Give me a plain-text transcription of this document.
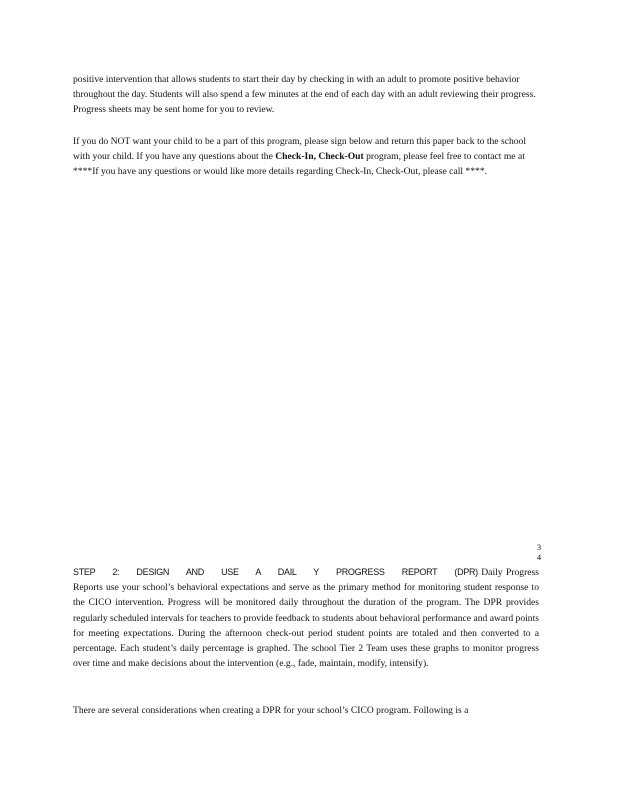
positive intervention that allows students to start their day by checking in with an adult to promote positive behavior throughout the day. Students will also spend a few minutes at the end of each day with an adult reviewing their progress. Progress sheets may be sent home for you to review.

If you do NOT want your child to be a part of this program, please sign below and return this paper back to the school with your child. If you have any questions about the Check-In, Check-Out program, please feel free to contact me at ****If you have any questions or would like more details regarding Check-In, Check-Out, please call ****.

3
4

STEP 2: DESIGN AND USE A DAIL Y PROGRESS REPORT (DPR) Daily Progress Reports use your school’s behavioral expectations and serve as the primary method for monitoring student response to the CICO intervention. Progress will be monitored daily throughout the duration of the program. The DPR provides regularly scheduled intervals for teachers to provide feedback to students about behavioral performance and award points for meeting expectations. During the afternoon check-out period student points are totaled and then converted to a percentage. Each student’s daily percentage is graphed. The school Tier 2 Team uses these graphs to monitor progress over time and make decisions about the intervention (e.g., fade, maintain, modify, intensify).

There are several considerations when creating a DPR for your school’s CICO program. Following is a
